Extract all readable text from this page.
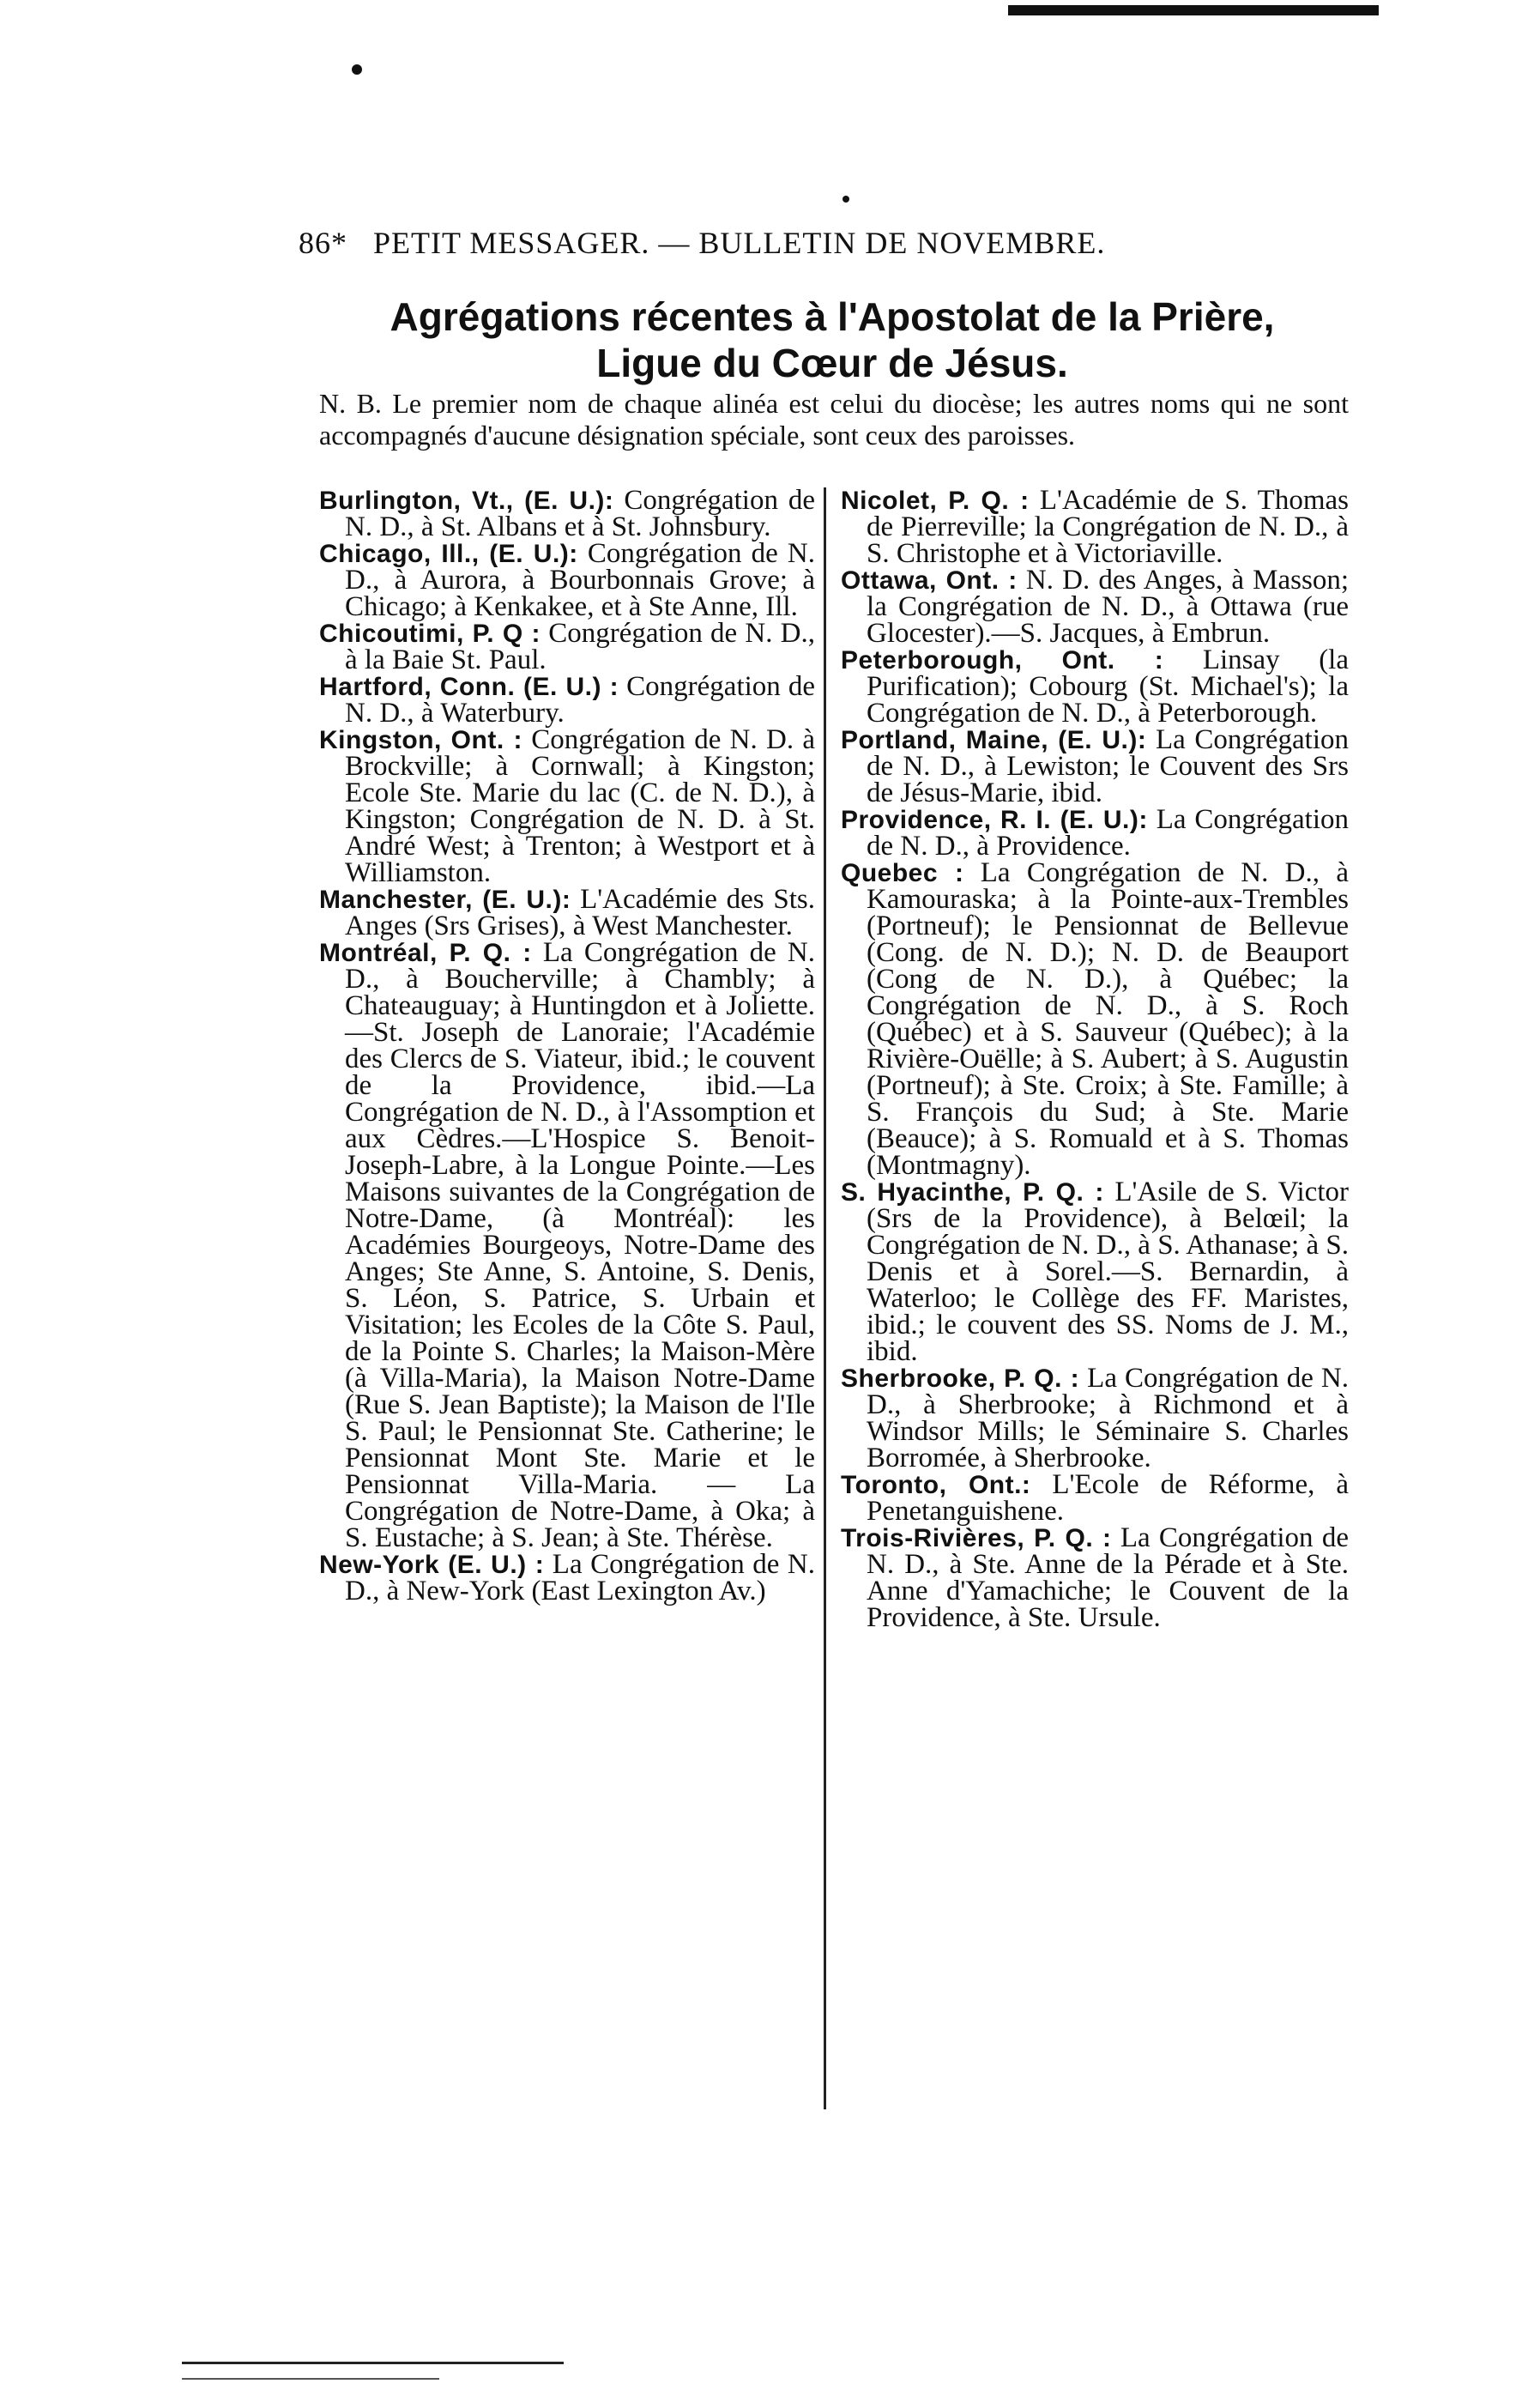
86* PETIT MESSAGER. — BULLETIN DE NOVEMBRE.
Agrégations récentes à l'Apostolat de la Prière,
Ligue du Cœur de Jésus.
N. B. Le premier nom de chaque alinéa est celui du diocèse; les autres noms qui ne sont accompagnés d'aucune désignation spéciale, sont ceux des paroisses.

Burlington, Vt., (E. U.): Congrégation de N. D., à St. Albans et à St. Johnsbury.

Chicago, Ill., (E. U.): Congrégation de N. D., à Aurora, à Bourbonnais Grove; à Chicago; à Kenkakee, et à Ste Anne, Ill.

Chicoutimi, P. Q : Congrégation de N. D., à la Baie St. Paul.

Hartford, Conn. (E. U.) : Congrégation de N. D., à Waterbury.

Kingston, Ont. : Congrégation de N. D. à Brockville; à Cornwall; à Kingston; Ecole Ste. Marie du lac (C. de N. D.), à Kingston; Congrégation de N. D. à St. André West; à Trenton; à Westport et à Williamston.

Manchester, (E. U.): L'Académie des Sts. Anges (Srs Grises), à West Manchester.

Montréal, P. Q. : La Congrégation de N. D., à Boucherville; à Chambly; à Chateauguay; à Huntingdon et à Joliette.—St. Joseph de Lanoraie; l'Académie des Clercs de S. Viateur, ibid.; le couvent de la Providence, ibid.—La Congrégation de N. D., à l'Assomption et aux Cèdres.—L'Hospice S. Benoit-Joseph-Labre, à la Longue Pointe.—Les Maisons suivantes de la Congrégation de Notre-Dame, (à Montréal): les Académies Bourgeoys, Notre-Dame des Anges; Ste Anne, S. Antoine, S. Denis, S. Léon, S. Patrice, S. Urbain et Visitation; les Ecoles de la Côte S. Paul, de la Pointe S. Charles; la Maison-Mère (à Villa-Maria), la Maison Notre-Dame (Rue S. Jean Baptiste); la Maison de l'Ile S. Paul; le Pensionnat Ste. Catherine; le Pensionnat Mont Ste. Marie et le Pensionnat Villa-Maria. — La Congrégation de Notre-Dame, à Oka; à S. Eustache; à S. Jean; à Ste. Thérèse.

New-York (E. U.) : La Congrégation de N. D., à New-York (East Lexington Av.)

Nicolet, P. Q. : L'Académie de S. Thomas de Pierreville; la Congrégation de N. D., à S. Christophe et à Victoriaville.

Ottawa, Ont. : N. D. des Anges, à Masson; la Congrégation de N. D., à Ottawa (rue Glocester).—S. Jacques, à Embrun.

Peterborough, Ont. : Linsay (la Purification); Cobourg (St. Michael's); la Congrégation de N. D., à Peterborough.

Portland, Maine, (E. U.): La Congrégation de N. D., à Lewiston; le Couvent des Srs de Jésus-Marie, ibid.

Providence, R. I. (E. U.): La Congrégation de N. D., à Providence.

Quebec : La Congrégation de N. D., à Kamouraska; à la Pointe-aux-Trembles (Portneuf); le Pensionnat de Bellevue (Cong. de N. D.); N. D. de Beauport (Cong de N. D.), à Québec; la Congrégation de N. D., à S. Roch (Québec) et à S. Sauveur (Québec); à la Rivière-Ouëlle; à S. Aubert; à S. Augustin (Portneuf); à Ste. Croix; à Ste. Famille; à S. François du Sud; à Ste. Marie (Beauce); à S. Romuald et à S. Thomas (Montmagny).

S. Hyacinthe, P. Q. : L'Asile de S. Victor (Srs de la Providence), à Belœil; la Congrégation de N. D., à S. Athanase; à S. Denis et à Sorel.—S. Bernardin, à Waterloo; le Collège des FF. Maristes, ibid.; le couvent des SS. Noms de J. M., ibid.

Sherbrooke, P. Q. : La Congrégation de N. D., à Sherbrooke; à Richmond et à Windsor Mills; le Séminaire S. Charles Borromée, à Sherbrooke.

Toronto, Ont.: L'Ecole de Réforme, à Penetanguishene.

Trois-Rivières, P. Q. : La Congrégation de N. D., à Ste. Anne de la Pérade et à Ste. Anne d'Yamachiche; le Couvent de la Providence, à Ste. Ursule.
